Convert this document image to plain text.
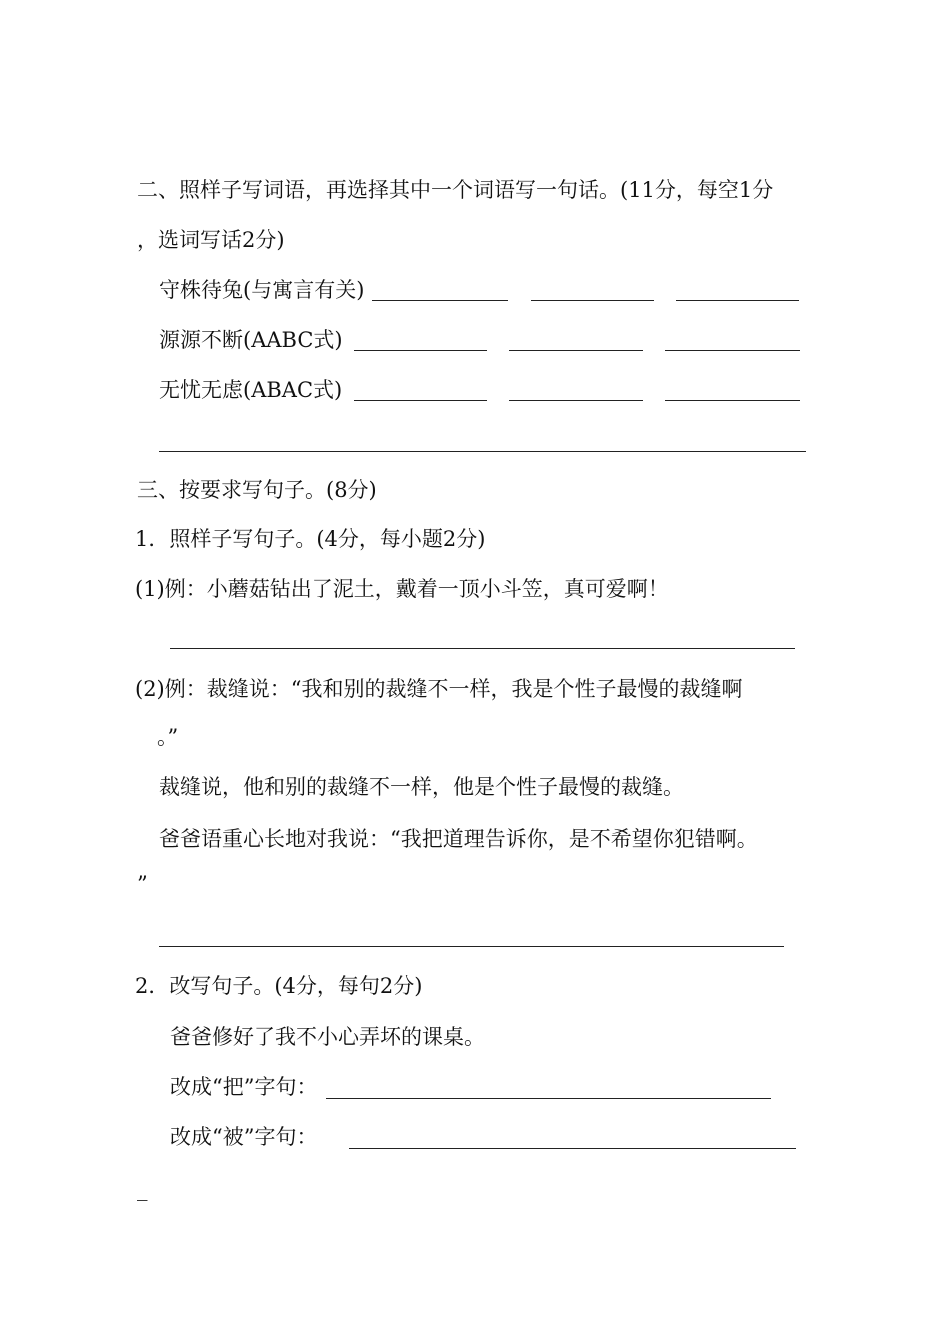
二、照样子写词语，再选择其中一个词语写一句话。(11分，每空1分
，选词写话2分)
守株待兔(与寓言有关)
源源不断(AABC式)
无忧无虑(ABAC式)
三、按要求写句子。(8分)
1．照样子写句子。(4分，每小题2分)
(1)例：小蘑菇钻出了泥土，戴着一顶小斗笠，真可爱啊！
(2)例：裁缝说：“我和别的裁缝不一样，我是个性子最慢的裁缝啊
。”
裁缝说，他和别的裁缝不一样，他是个性子最慢的裁缝。
爸爸语重心长地对我说：“我把道理告诉你，是不希望你犯错啊。
”
2．改写句子。(4分，每句2分)
爸爸修好了我不小心弄坏的课桌。
改成“把”字句：
改成“被”字句：
_
